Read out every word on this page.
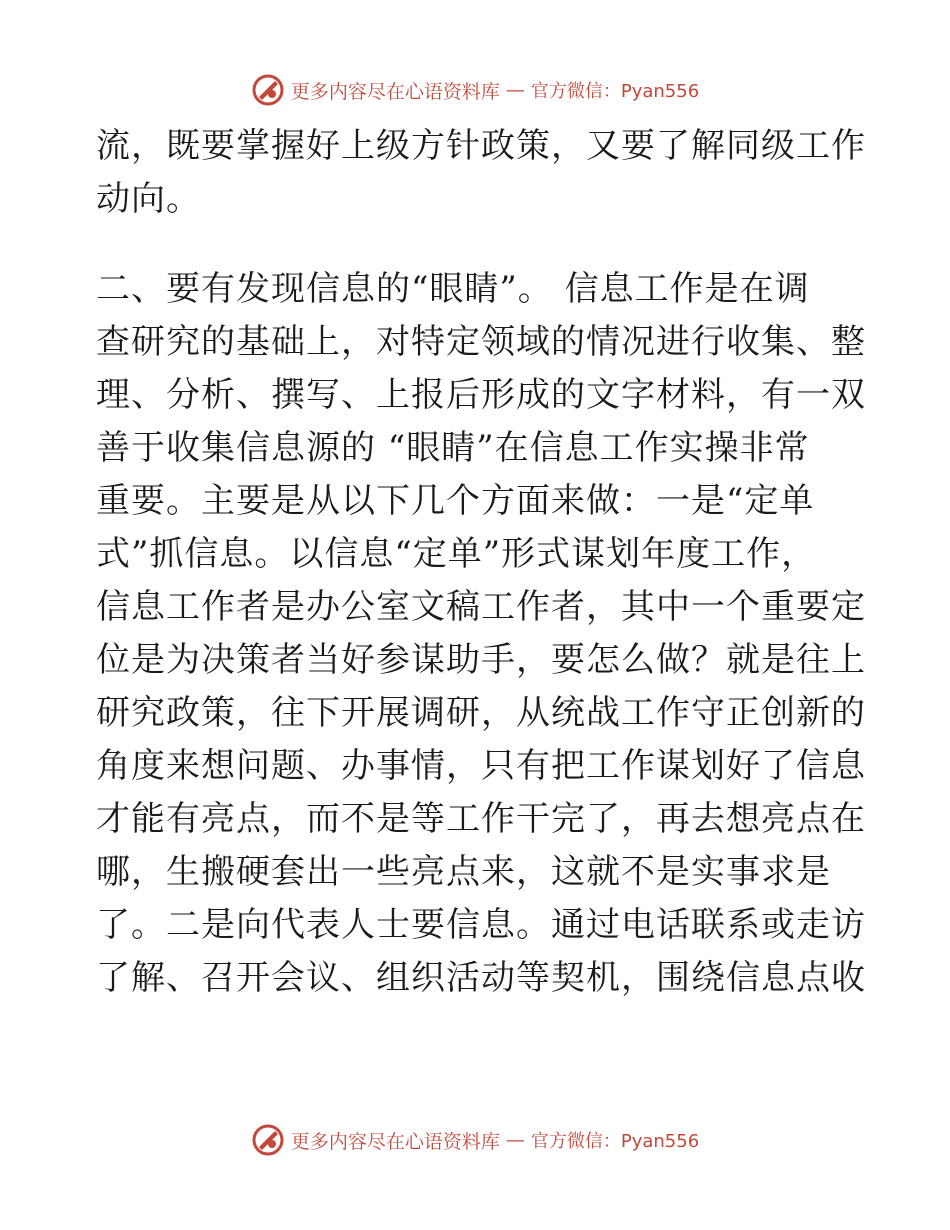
更多内容尽在心语资料库 — 官方微信：Pyan556
流，既要掌握好上级方针政策，又要了解同级工作
动向。
二、要有发现信息的“眼睛”。 信息工作是在调
查研究的基础上，对特定领域的情况进行收集、整
理、分析、撰写、上报后形成的文字材料，有一双
善于收集信息源的 “眼睛”在信息工作实操非常
重要。主要是从以下几个方面来做：一是“定单
式”抓信息。以信息“定单”形式谋划年度工作，
信息工作者是办公室文稿工作者，其中一个重要定
位是为决策者当好参谋助手，要怎么做？就是往上
研究政策，往下开展调研，从统战工作守正创新的
角度来想问题、办事情，只有把工作谋划好了信息
才能有亮点，而不是等工作干完了，再去想亮点在
哪，生搬硬套出一些亮点来，这就不是实事求是
了。二是向代表人士要信息。通过电话联系或走访
了解、召开会议、组织活动等契机，围绕信息点收
更多内容尽在心语资料库 — 官方微信：Pyan556
